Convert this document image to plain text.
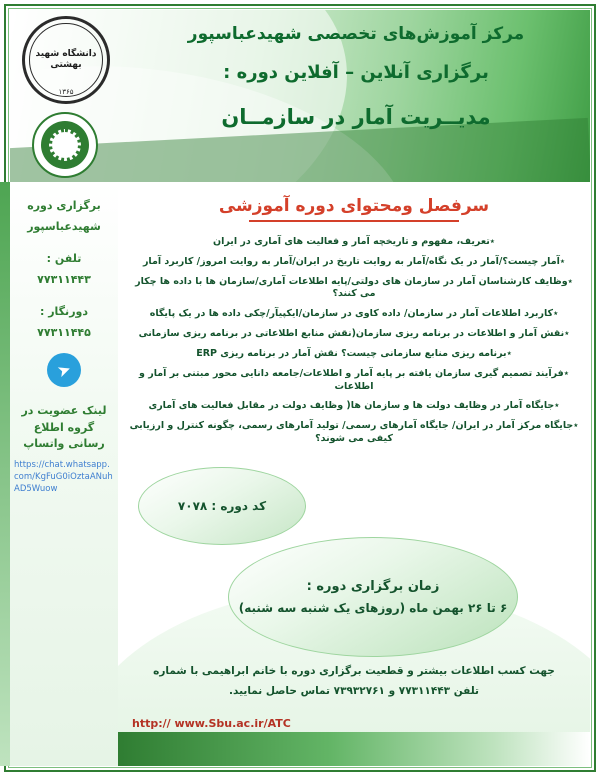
مرکز آموزش‌های تخصصی شهیدعباسپور
برگزاری آنلاین – آفلاین دوره :
مدیــریت آمار در سازمــان
دانشگاه شهید بهشتی
۱۳۶۵
برگزاری دوره
شهیدعباسپور
تلفن :
۷۷۳۱۱۴۴۳
دورنگار :
۷۷۳۱۱۴۴۵
➤
لینک عضویت در گروه اطلاع رسانی واتساپ
https://chat.whatsapp.com/KgFuG0iOztaANuhAD5Wuow
سرفصل ومحتوای دوره آموزشی
٭تعریف، مفهوم و تاریخچه آمار و فعالیت های آماری در ایران
٭آمار چیست؟/آمار در یک نگاه/آمار به روایت تاریخ در ایران/آمار به روایت امروز/ کاربرد آمار
٭وظایف کارشناسان آمار در سازمان های دولتی/پایه اطلاعات آماری/سازمان ها با داده ها چکار می کنند؟
٭کاربرد اطلاعات آمار در سازمان/ داده کاوی در سازمان/ایکپیآر/چکی داده ها در یک پایگاه
٭نقش آمار و اطلاعات در برنامه ریزی سازمان(نقش منابع اطلاعاتی در برنامه ریزی سازمانی
٭برنامه ریزی منابع سازمانی چیست؟ نقش آمار در برنامه ریزی ERP
٭فرآیند تصمیم گیری سازمان یافته بر پایه آمار و اطلاعات/جامعه دانایی محور مبتنی بر آمار و اطلاعات
٭جایگاه آمار در وظایف دولت ها و سازمان ها( وظایف دولت در مقابل فعالیت های آماری
٭جایگاه مرکز آمار در ایران/ جایگاه آمارهای رسمی/ تولید آمارهای رسمی، چگونه کنترل و ارزیابی کیفی می شوند؟
کد دوره : ۷۰۷۸
زمان برگزاری دوره :
۶ تا ۲۶ بهمن ماه (روزهای یک شنبه سه شنبه)
جهت کسب اطلاعات بیشتر و قطعیت برگزاری دوره با خانم ابراهیمی با شماره
تلفن ۷۷۳۱۱۴۴۳ و ۷۳۹۳۲۷۶۱ تماس حاصل نمایید.
http:// www.Sbu.ac.ir/ATC
